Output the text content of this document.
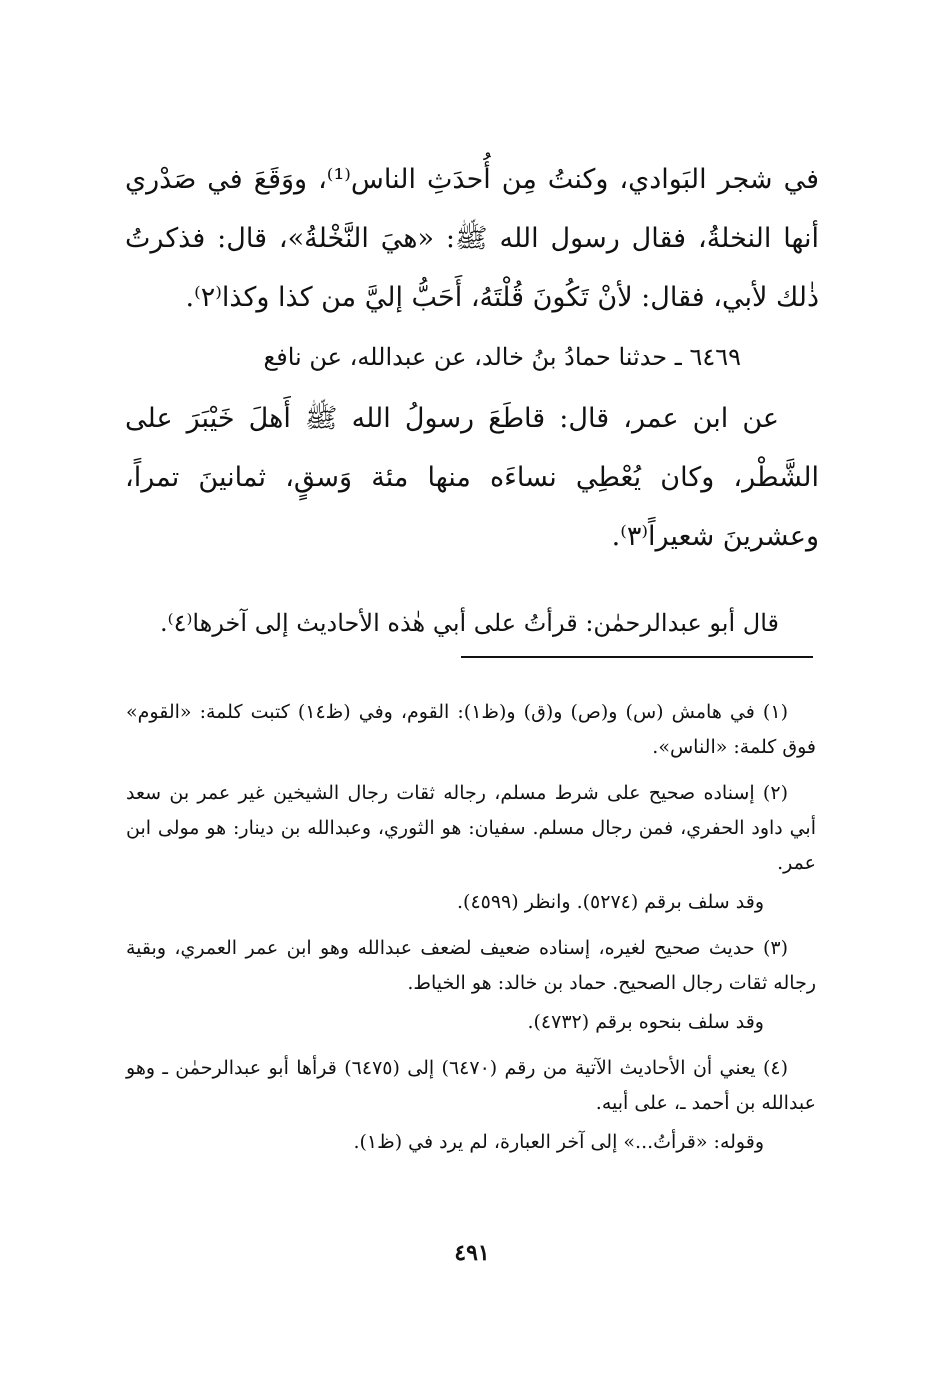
في شجر البَوادي، وكنتُ مِن أُحدَثِ الناس⁽¹⁾، ووَقَعَ في صَدْري أنها النخلةُ، فقال رسول الله ﷺ: «هيَ النَّخْلةُ»، قال: فذكرتُ ذٰلك لأبي، فقال: لأنْ تَكُونَ قُلْتَهُ، أَحَبُّ إليَّ من كذا وكذا⁽٢⁾.

٦٤٦٩ ـ حدثنا حمادُ بنُ خالد، عن عبدالله، عن نافع

عن ابن عمر، قال: قاطَعَ رسولُ الله ﷺ أَهلَ خَيْبَرَ على الشَّطْر، وكان يُعْطِي نساءَه منها مئة وَسقٍ، ثمانينَ تمراً، وعشرينَ شعيراً⁽٣⁾.

قال أبو عبدالرحمٰن: قرأتُ على أبي هٰذه الأحاديث إلى آخرها⁽٤⁾.

(١) في هامش (س) و(ص) و(ق) و(ظ١): القوم، وفي (ظ١٤) كتبت كلمة: «القوم» فوق كلمة: «الناس».

(٢) إسناده صحيح على شرط مسلم، رجاله ثقات رجال الشيخين غير عمر بن سعد أبي داود الحفري، فمن رجال مسلم. سفيان: هو الثوري، وعبدالله بن دينار: هو مولى ابن عمر.

وقد سلف برقم (٥٢٧٤). وانظر (٤٥٩٩).

(٣) حديث صحيح لغيره، إسناده ضعيف لضعف عبدالله وهو ابن عمر العمري، وبقية رجاله ثقات رجال الصحيح. حماد بن خالد: هو الخياط.

وقد سلف بنحوه برقم (٤٧٣٢).

(٤) يعني أن الأحاديث الآتية من رقم (٦٤٧٠) إلى (٦٤٧٥) قرأها أبو عبدالرحمٰن ـ وهو عبدالله بن أحمد ـ، على أبيه.

وقوله: «قرأتُ...» إلى آخر العبارة، لم يرد في (ظ١).

٤٩١
